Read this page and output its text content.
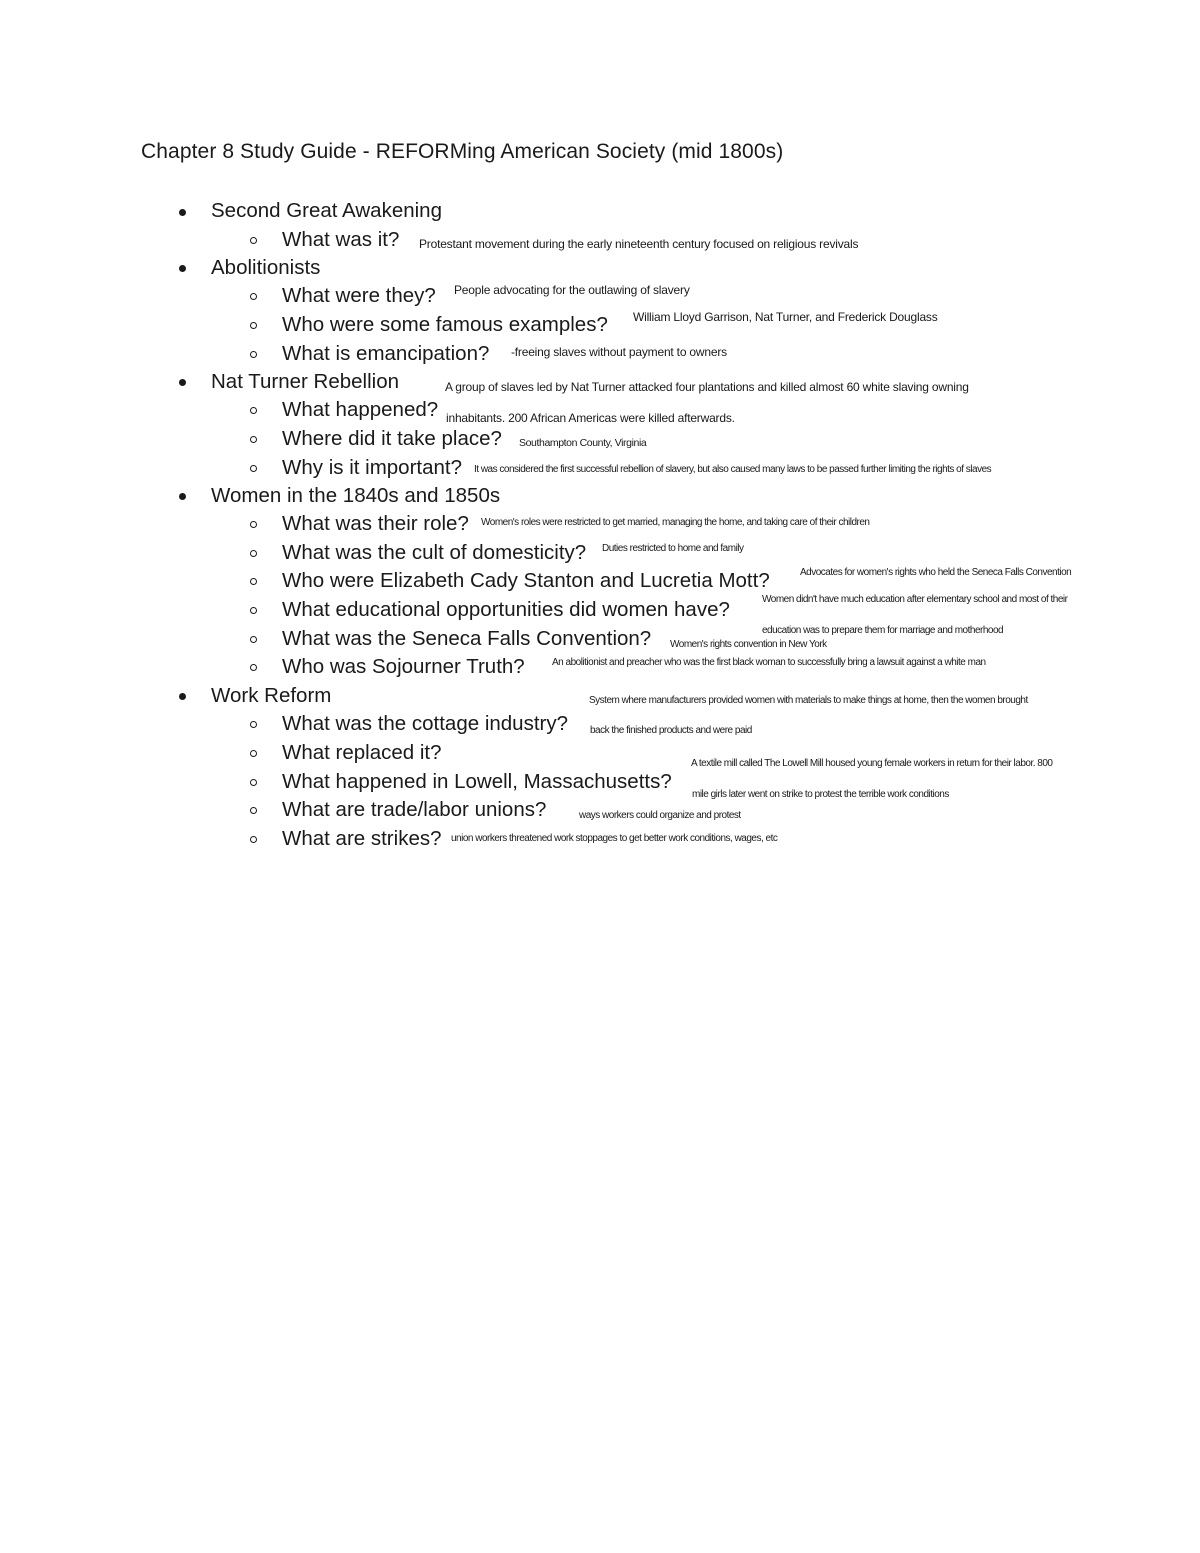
Chapter 8 Study Guide - REFORMing American Society (mid 1800s)
Second Great Awakening
What was it? Protestant movement during the early nineteenth century focused on religious revivals
Abolitionists
What were they? People advocating for the outlawing of slavery
Who were some famous examples? William Lloyd Garrison, Nat Turner, and Frederick Douglass
What is emancipation? -freeing slaves without payment to owners
Nat Turner Rebellion	A group of slaves led by Nat Turner attacked four plantations and killed almost 60 white slaving owning
What happened? inhabitants. 200 African Americas were killed afterwards.
Where did it take place? Southampton County, Virginia
Why is it important? It was considered the first successful rebellion of slavery, but also caused many laws to be passed further limiting the rights of slaves
Women in the 1840s and 1850s
What was their role? Women's roles were restricted to get married, managing the home, and taking care of their children
What was the cult of domesticity? Duties restricted to home and family
Who were Elizabeth Cady Stanton and Lucretia Mott?	Advocates for women's rights who held the Seneca Falls Convention
What educational opportunities did women have?	Women didn't have much education after elementary school and most of their
education was to prepare them for marriage and motherhood
What was the Seneca Falls Convention? Women's rights convention in New York
Who was Sojourner Truth?	An abolitionist and preacher who was the first black woman to successfully bring a lawsuit against a white man
Work Reform	System where manufacturers provided women with materials to make things at home, then the women brought
What was the cottage industry? back the finished products and were paid
What replaced it?	A textile mill called The Lowell Mill housed young female workers in return for their labor. 800
What happened in Lowell, Massachusetts?
mile girls later went on strike to protest the terrible work conditions
What are trade/labor unions?	ways workers could organize and protest
What are strikes? union workers threatened work stoppages to get better work conditions, wages, etc
